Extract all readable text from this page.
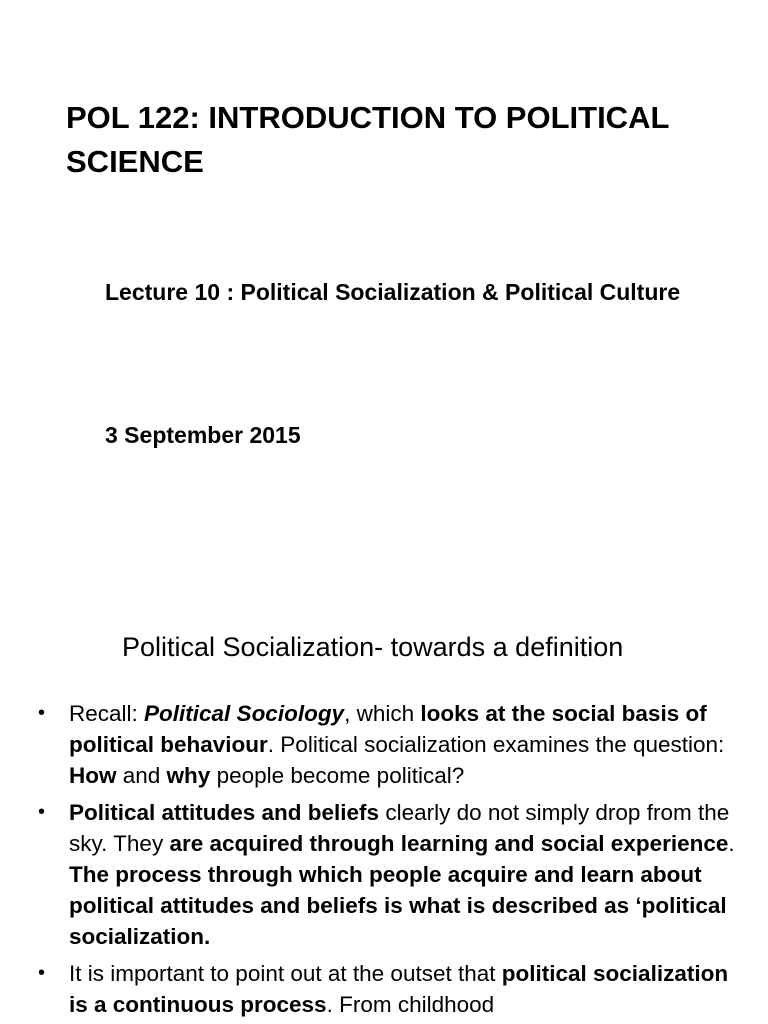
POL 122: INTRODUCTION TO POLITICAL SCIENCE

Lecture 10 : Political Socialization & Political Culture

3 September 2015

Political Socialization- towards a definition
•	Recall: Political Sociology, which looks at the social basis of political behaviour. Political socialization examines the question: How and why people become political?
•	Political attitudes and beliefs clearly do not simply drop from the sky. They are acquired through learning and social experience. The process through which people acquire and learn about political attitudes and beliefs is what is described as ‘political socialization.
•	It is important to point out at the outset that political socialization is a continuous process. From childhood
